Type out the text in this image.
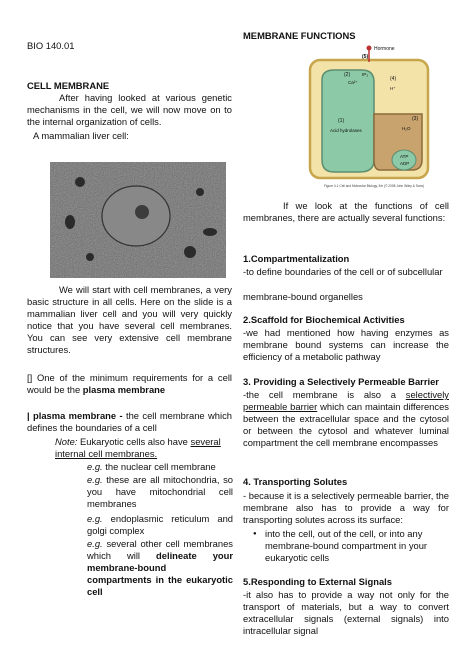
BIO 140.01

CELL MEMBRANE

After having looked at various genetic mechanisms in the cell, we will now move on to the internal organization of cells.

A mammalian liver cell:

We will start with cell membranes, a very basic structure in all cells. Here on the slide is a mammalian liver cell and you will very quickly notice that you have several cell membranes. You can see very extensive cell membrane structures.

[] One of the minimum requirements for a cell would be the plasma membrane

| plasma membrane - the cell membrane which defines the boundaries of a cell

Note: Eukaryotic cells also have several internal cell membranes.

e.g. the nuclear cell membrane

e.g. these are all mitochondria, so you have mitochondrial cell membranes

e.g. endoplasmic reticulum and golgi complex

e.g. several other cell membranes which will delineate your membrane-bound compartments in the eukaryotic cell

MEMBRANE FUNCTIONS

If we look at the functions of cell membranes, there are actually several functions:

1.Compartmentalization

-to define boundaries of the cell or of subcellular

membrane-bound organelles

2.Scaffold for Biochemical Activities

-we had mentioned how having enzymes as membrane bound systems can increase the efficiency of a metabolic pathway

3. Providing a Selectively Permeable Barrier

-the cell membrane is also a selectively permeable barrier which can maintain differences between the extracellular space and the cytosol or between the cytosol and whatever luminal compartment the cell membrane encompasses

4. Transporting Solutes

- because it is a selectively permeable barrier, the membrane also has to provide a way for transporting solutes across its surface:

● into the cell, out of the cell, or into any membrane-bound compartment in your eukaryotic cells

5.Responding to External Signals

-it also has to provide a way not only for the transport of materials, but a way to convert extracellular signals (external signals) into intracellular signal

Hormone
(5)
(2)	IP₃
Ca²⁺
(4)
H⁺
(1)
Acid hydrolases
(3)
H₂O
ATP
ADP
Figure 4-1 Cell and Molecular Biology, 5/e (© 2008 John Wiley & Sons)
